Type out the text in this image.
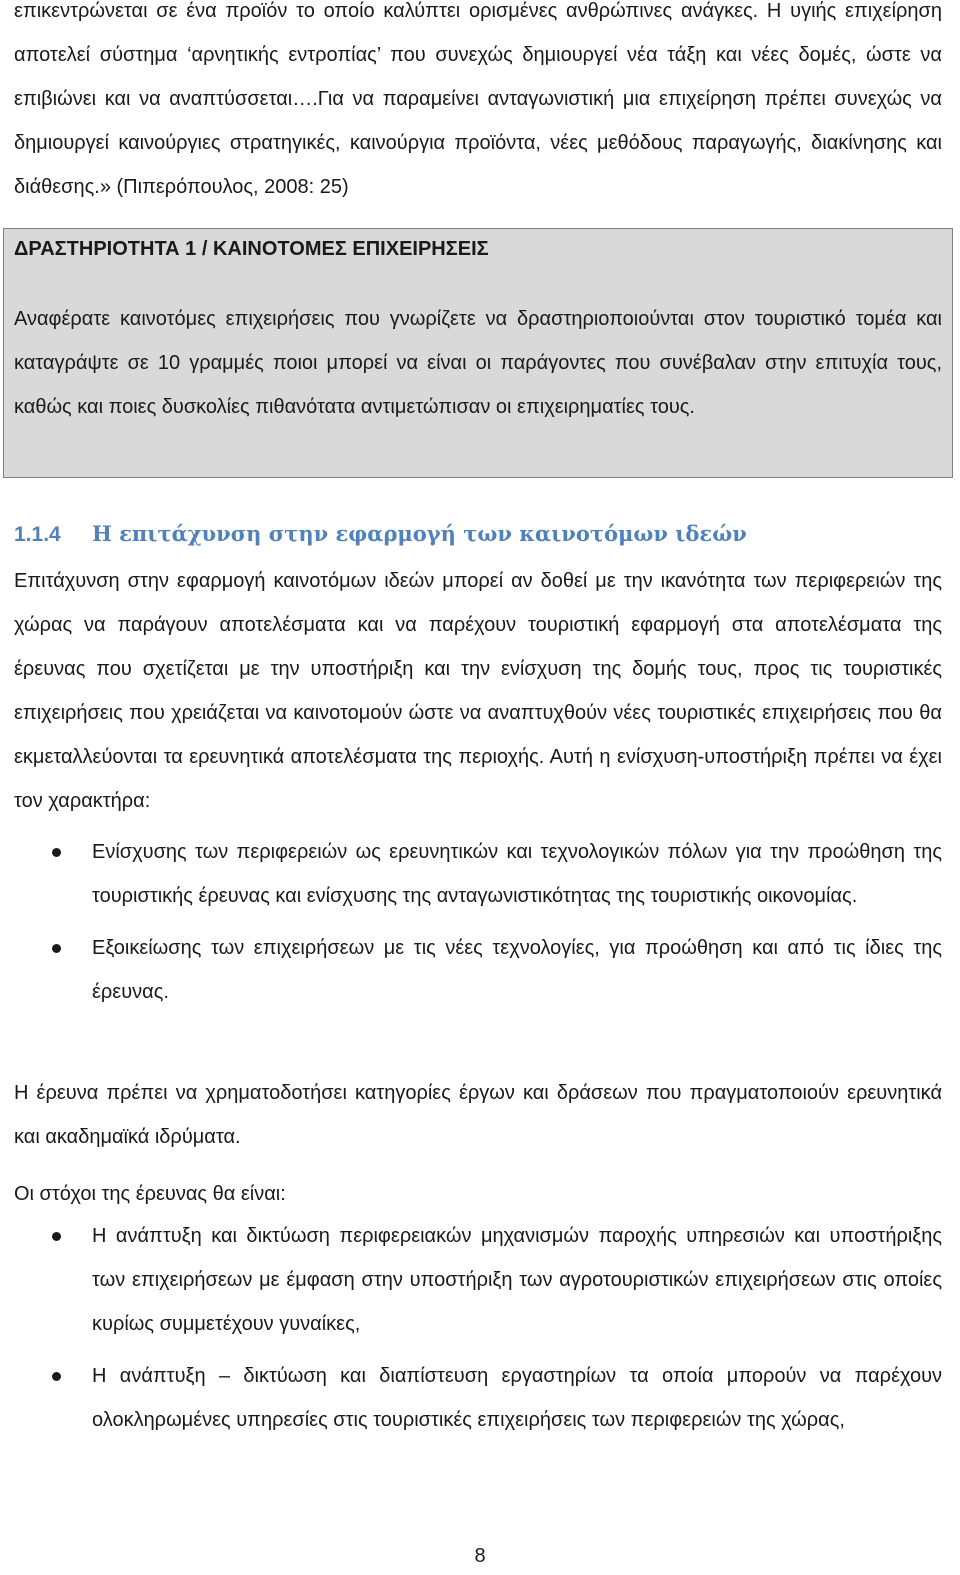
επικεντρώνεται σε ένα προϊόν το οποίο καλύπτει ορισμένες ανθρώπινες ανάγκες. Η υγιής επιχείρηση αποτελεί σύστημα ‘αρνητικής εντροπίας’ που συνεχώς δημιουργεί νέα τάξη και νέες δομές, ώστε να επιβιώνει και να αναπτύσσεται….Για να παραμείνει ανταγωνιστική μια επιχείρηση πρέπει συνεχώς να δημιουργεί καινούργιες στρατηγικές, καινούργια προϊόντα, νέες μεθόδους παραγωγής, διακίνησης και διάθεσης.» (Πιπερόπουλος, 2008: 25)

ΔΡΑΣΤΗΡΙΟΤΗΤΑ 1 / ΚΑΙΝΟΤΟΜΕΣ ΕΠΙΧΕΙΡΗΣΕΙΣ

Αναφέρατε καινοτόμες επιχειρήσεις που γνωρίζετε να δραστηριοποιούνται στον τουριστικό τομέα και καταγράψτε σε 10 γραμμές ποιοι μπορεί να είναι οι παράγοντες που συνέβαλαν στην επιτυχία τους, καθώς και ποιες δυσκολίες πιθανότατα αντιμετώπισαν οι επιχειρηματίες τους.

1.1.4 Η επιτάχυνση στην εφαρμογή των καινοτόμων ιδεών

Επιτάχυνση στην εφαρμογή καινοτόμων ιδεών μπορεί αν δοθεί με την ικανότητα των περιφερειών της χώρας να παράγουν αποτελέσματα και να παρέχουν τουριστική εφαρμογή στα αποτελέσματα της έρευνας που σχετίζεται με την υποστήριξη και την ενίσχυση της δομής τους, προς τις τουριστικές επιχειρήσεις που χρειάζεται να καινοτομούν ώστε να αναπτυχθούν νέες τουριστικές επιχειρήσεις που θα εκμεταλλεύονται τα ερευνητικά αποτελέσματα της περιοχής. Αυτή η ενίσχυση-υποστήριξη πρέπει να έχει τον χαρακτήρα:

Ενίσχυσης των περιφερειών ως ερευνητικών και τεχνολογικών πόλων για την προώθηση της τουριστικής έρευνας και ενίσχυσης της ανταγωνιστικότητας της τουριστικής οικονομίας.
Εξοικείωσης των επιχειρήσεων με τις νέες τεχνολογίες, για προώθηση και από τις ίδιες της έρευνας.

Η έρευνα πρέπει να χρηματοδοτήσει κατηγορίες έργων και δράσεων που πραγματοποιούν ερευνητικά και ακαδημαϊκά ιδρύματα.

Οι στόχοι της έρευνας θα είναι:

Η ανάπτυξη και δικτύωση περιφερειακών μηχανισμών παροχής υπηρεσιών και υποστήριξης των επιχειρήσεων με έμφαση στην υποστήριξη των αγροτουριστικών επιχειρήσεων στις οποίες κυρίως συμμετέχουν γυναίκες,
Η ανάπτυξη – δικτύωση και διαπίστευση εργαστηρίων τα οποία μπορούν να παρέχουν ολοκληρωμένες υπηρεσίες στις τουριστικές επιχειρήσεις των περιφερειών της χώρας,
8
